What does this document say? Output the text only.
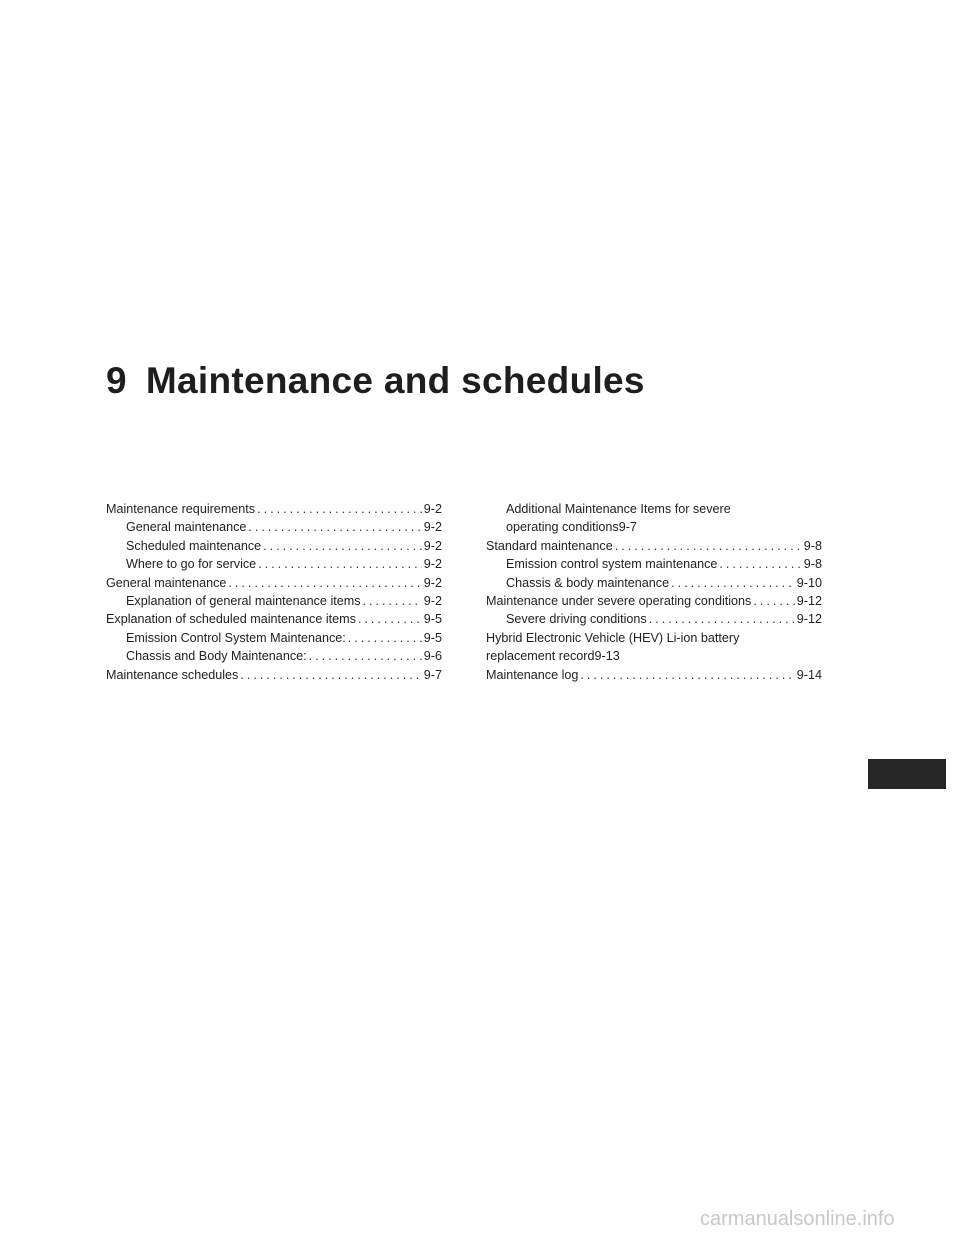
9 Maintenance and schedules
Maintenance requirements . . .	9-2
General maintenance . . .	9-2
Scheduled maintenance . . .	9-2
Where to go for service . . .	9-2
General maintenance . . .	9-2
Explanation of general maintenance items . . .	9-2
Explanation of scheduled maintenance items . . .	9-5
Emission Control System Maintenance: . . .	9-5
Chassis and Body Maintenance: . . .	9-6
Maintenance schedules . . .	9-7
Additional Maintenance Items for severe
operating conditions 9-7
Standard maintenance . . .	9-8
Emission control system maintenance . . .	9-8
Chassis & body maintenance . . .	9-10
Maintenance under severe operating conditions . . .	9-12
Severe driving conditions . . .	9-12
Hybrid Electronic Vehicle (HEV) Li-ion battery
replacement record 9-13
Maintenance log . . .	9-14
carmanualsonline.info
